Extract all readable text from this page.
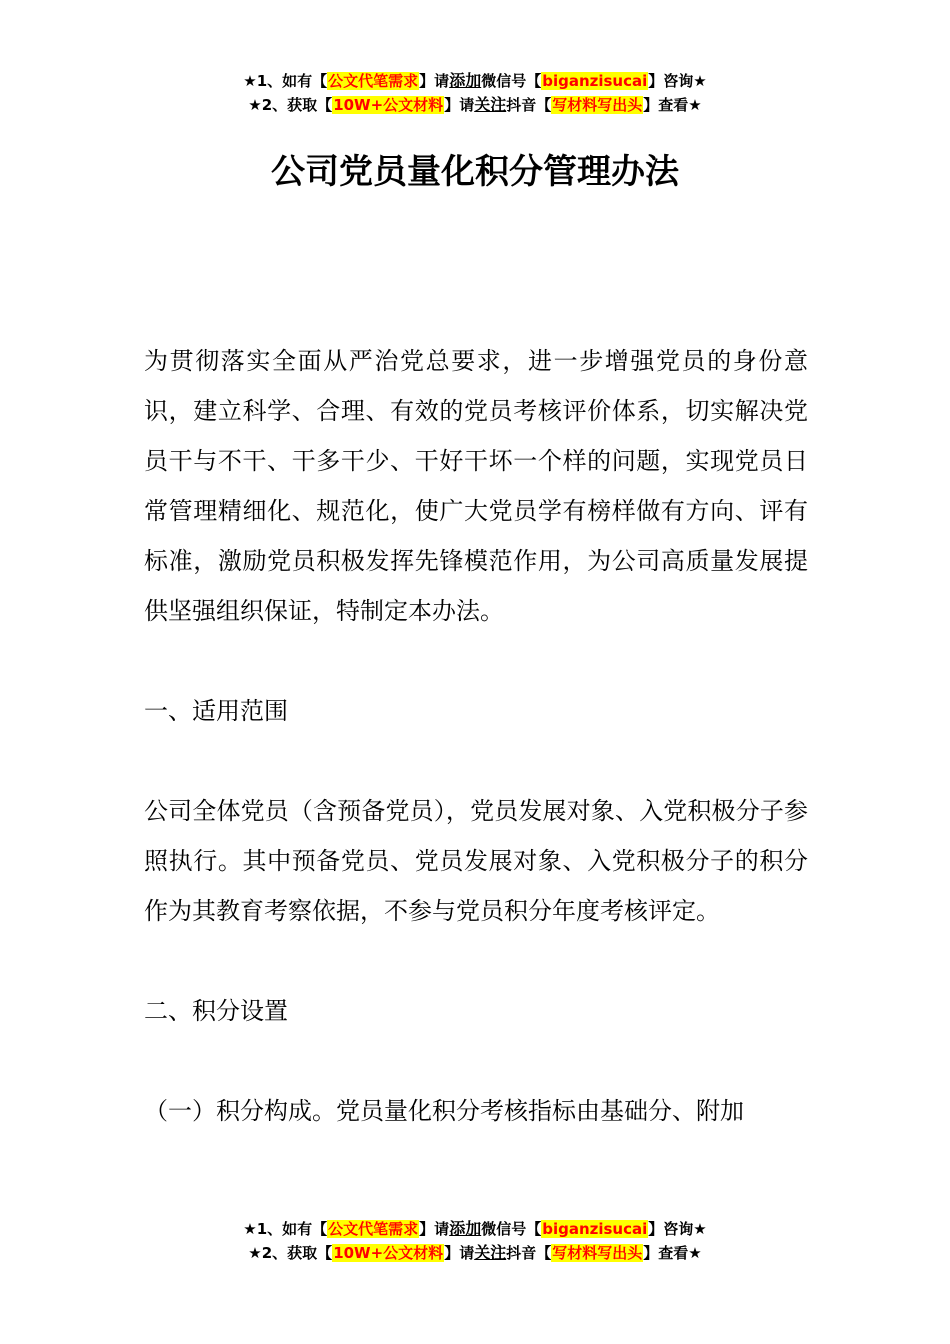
★1、如有【公文代笔需求】请添加微信号【biganzisucai】咨询★
★2、获取【10W+公文材料】请关注抖音【写材料写出头】查看★
公司党员量化积分管理办法

为贯彻落实全面从严治党总要求，进一步增强党员的身份意识，建立科学、合理、有效的党员考核评价体系，切实解决党员干与不干、干多干少、干好干坏一个样的问题，实现党员日常管理精细化、规范化，使广大党员学有榜样做有方向、评有标准，激励党员积极发挥先锋模范作用，为公司高质量发展提供坚强组织保证，特制定本办法。

一、适用范围

公司全体党员（含预备党员），党员发展对象、入党积极分子参照执行。其中预备党员、党员发展对象、入党积极分子的积分作为其教育考察依据，不参与党员积分年度考核评定。

二、积分设置

（一）积分构成。党员量化积分考核指标由基础分、附加

★1、如有【公文代笔需求】请添加微信号【biganzisucai】咨询★
★2、获取【10W+公文材料】请关注抖音【写材料写出头】查看★
